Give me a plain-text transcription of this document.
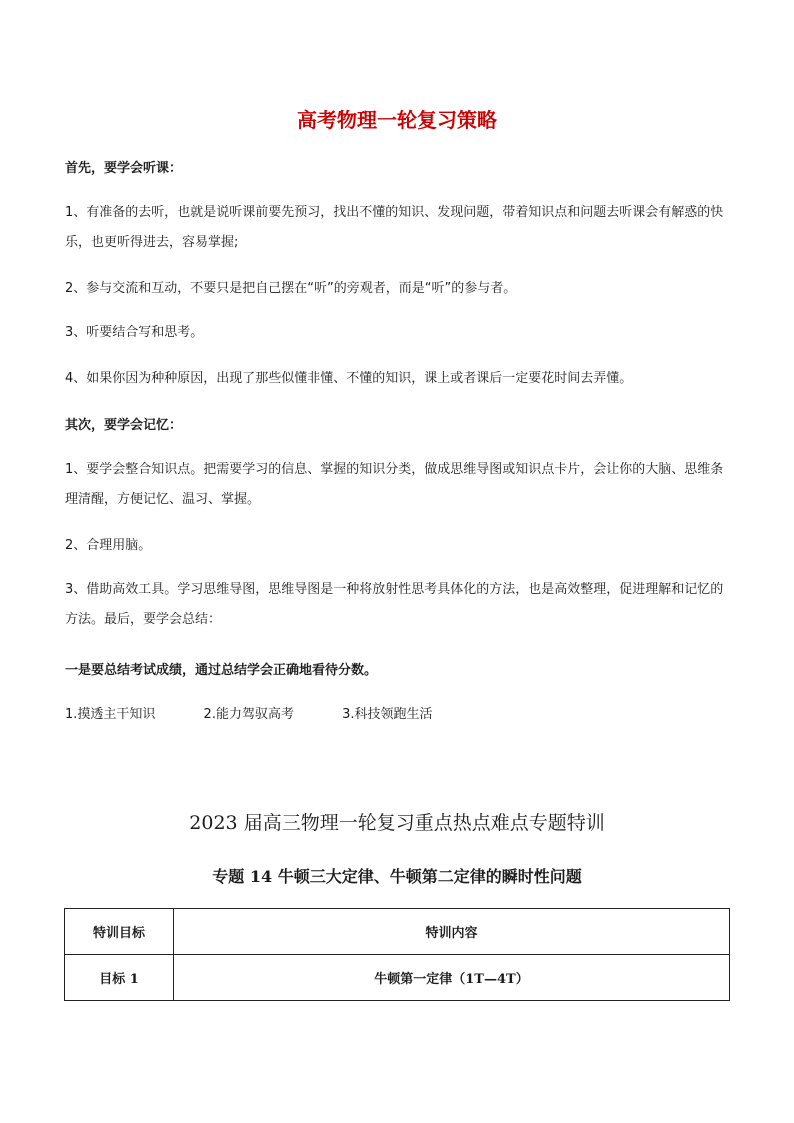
高考物理一轮复习策略
首先，要学会听课：
1、有准备的去听，也就是说听课前要先预习，找出不懂的知识、发现问题，带着知识点和问题去听课会有解惑的快乐，也更听得进去，容易掌握;
2、参与交流和互动，不要只是把自己摆在“听”的旁观者，而是“听”的参与者。
3、听要结合写和思考。
4、如果你因为种种原因，出现了那些似懂非懂、不懂的知识，课上或者课后一定要花时间去弄懂。
其次，要学会记忆：
1、要学会整合知识点。把需要学习的信息、掌握的知识分类，做成思维导图或知识点卡片，会让你的大脑、思维条理清醒，方便记忆、温习、掌握。
2、合理用脑。
3、借助高效工具。学习思维导图，思维导图是一种将放射性思考具体化的方法，也是高效整理，促进理解和记忆的方法。最后，要学会总结：
一是要总结考试成绩，通过总结学会正确地看待分数。
1.摸透主干知识	2.能力驾驭高考	3.科技领跑生活
2023 届高三物理一轮复习重点热点难点专题特训
专题 14 牛顿三大定律、牛顿第二定律的瞬时性问题
特训目标	特训内容
目标 1	牛顿第一定律（1T—4T）
